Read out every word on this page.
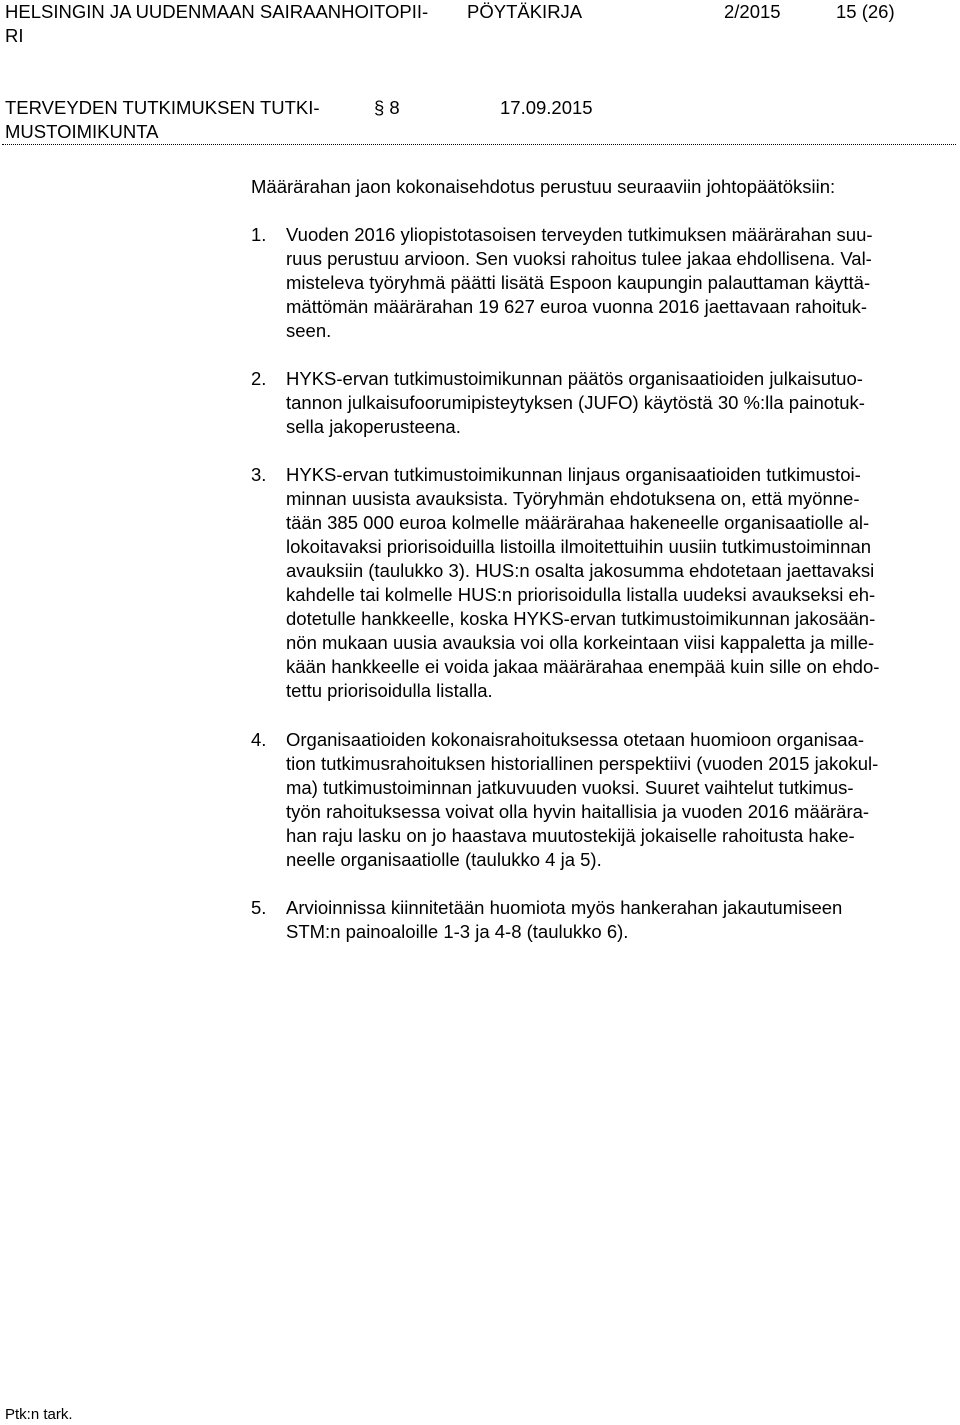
HELSINGIN JA UUDENMAAN SAIRAANHOITOPII-
RI
PÖYTÄKIRJA	2/2015	15 (26)
TERVEYDEN TUTKIMUKSEN TUTKI-
MUSTOIMIKUNTA
§ 8	17.09.2015
Määrärahan jaon kokonaisehdotus perustuu seuraaviin johtopäätöksiin:
1. Vuoden 2016 yliopistotasoisen terveyden tutkimuksen määrärahan suu-
ruus perustuu arvioon. Sen vuoksi rahoitus tulee jakaa ehdollisena. Val-
misteleva työryhmä päätti lisätä Espoon kaupungin palauttaman käyttä-
mättömän määrärahan 19 627 euroa vuonna 2016 jaettavaan rahoituk-
seen.
2. HYKS-ervan tutkimustoimikunnan päätös organisaatioiden julkaisutuo-
tannon julkaisufoorumipisteytyksen (JUFO) käytöstä 30 %:lla painotuk-
sella jakoperusteena.
3. HYKS-ervan tutkimustoimikunnan linjaus organisaatioiden tutkimustoi-
minnan uusista avauksista. Työryhmän ehdotuksena on, että myönne-
tään 385 000 euroa kolmelle määrärahaa hakeneelle organisaatiolle al-
lokoitavaksi priorisoiduilla listoilla ilmoitettuihin uusiin tutkimustoiminnan
avauksiin (taulukko 3). HUS:n osalta jakosumma ehdotetaan jaettavaksi
kahdelle tai kolmelle HUS:n priorisoidulla listalla uudeksi avaukseksi eh-
dotetulle hankkeelle, koska HYKS-ervan tutkimustoimikunnan jakosään-
nön mukaan uusia avauksia voi olla korkeintaan viisi kappaletta ja mille-
kään hankkeelle ei voida jakaa määrärahaa enempää kuin sille on ehdo-
tettu priorisoidulla listalla.
4. Organisaatioiden kokonaisrahoituksessa otetaan huomioon organisaa-
tion tutkimusrahoituksen historiallinen perspektiivi (vuoden 2015 jakokul-
ma) tutkimustoiminnan jatkuvuuden vuoksi. Suuret vaihtelut tutkimus-
työn rahoituksessa voivat olla hyvin haitallisia ja vuoden 2016 määrära-
han raju lasku on jo haastava muutostekijä jokaiselle rahoitusta hake-
neelle organisaatiolle (taulukko 4 ja 5).
5. Arvioinnissa kiinnitetään huomiota myös hankerahan jakautumiseen
STM:n painoaloille 1-3 ja 4-8 (taulukko 6).
Ptk:n tark.
